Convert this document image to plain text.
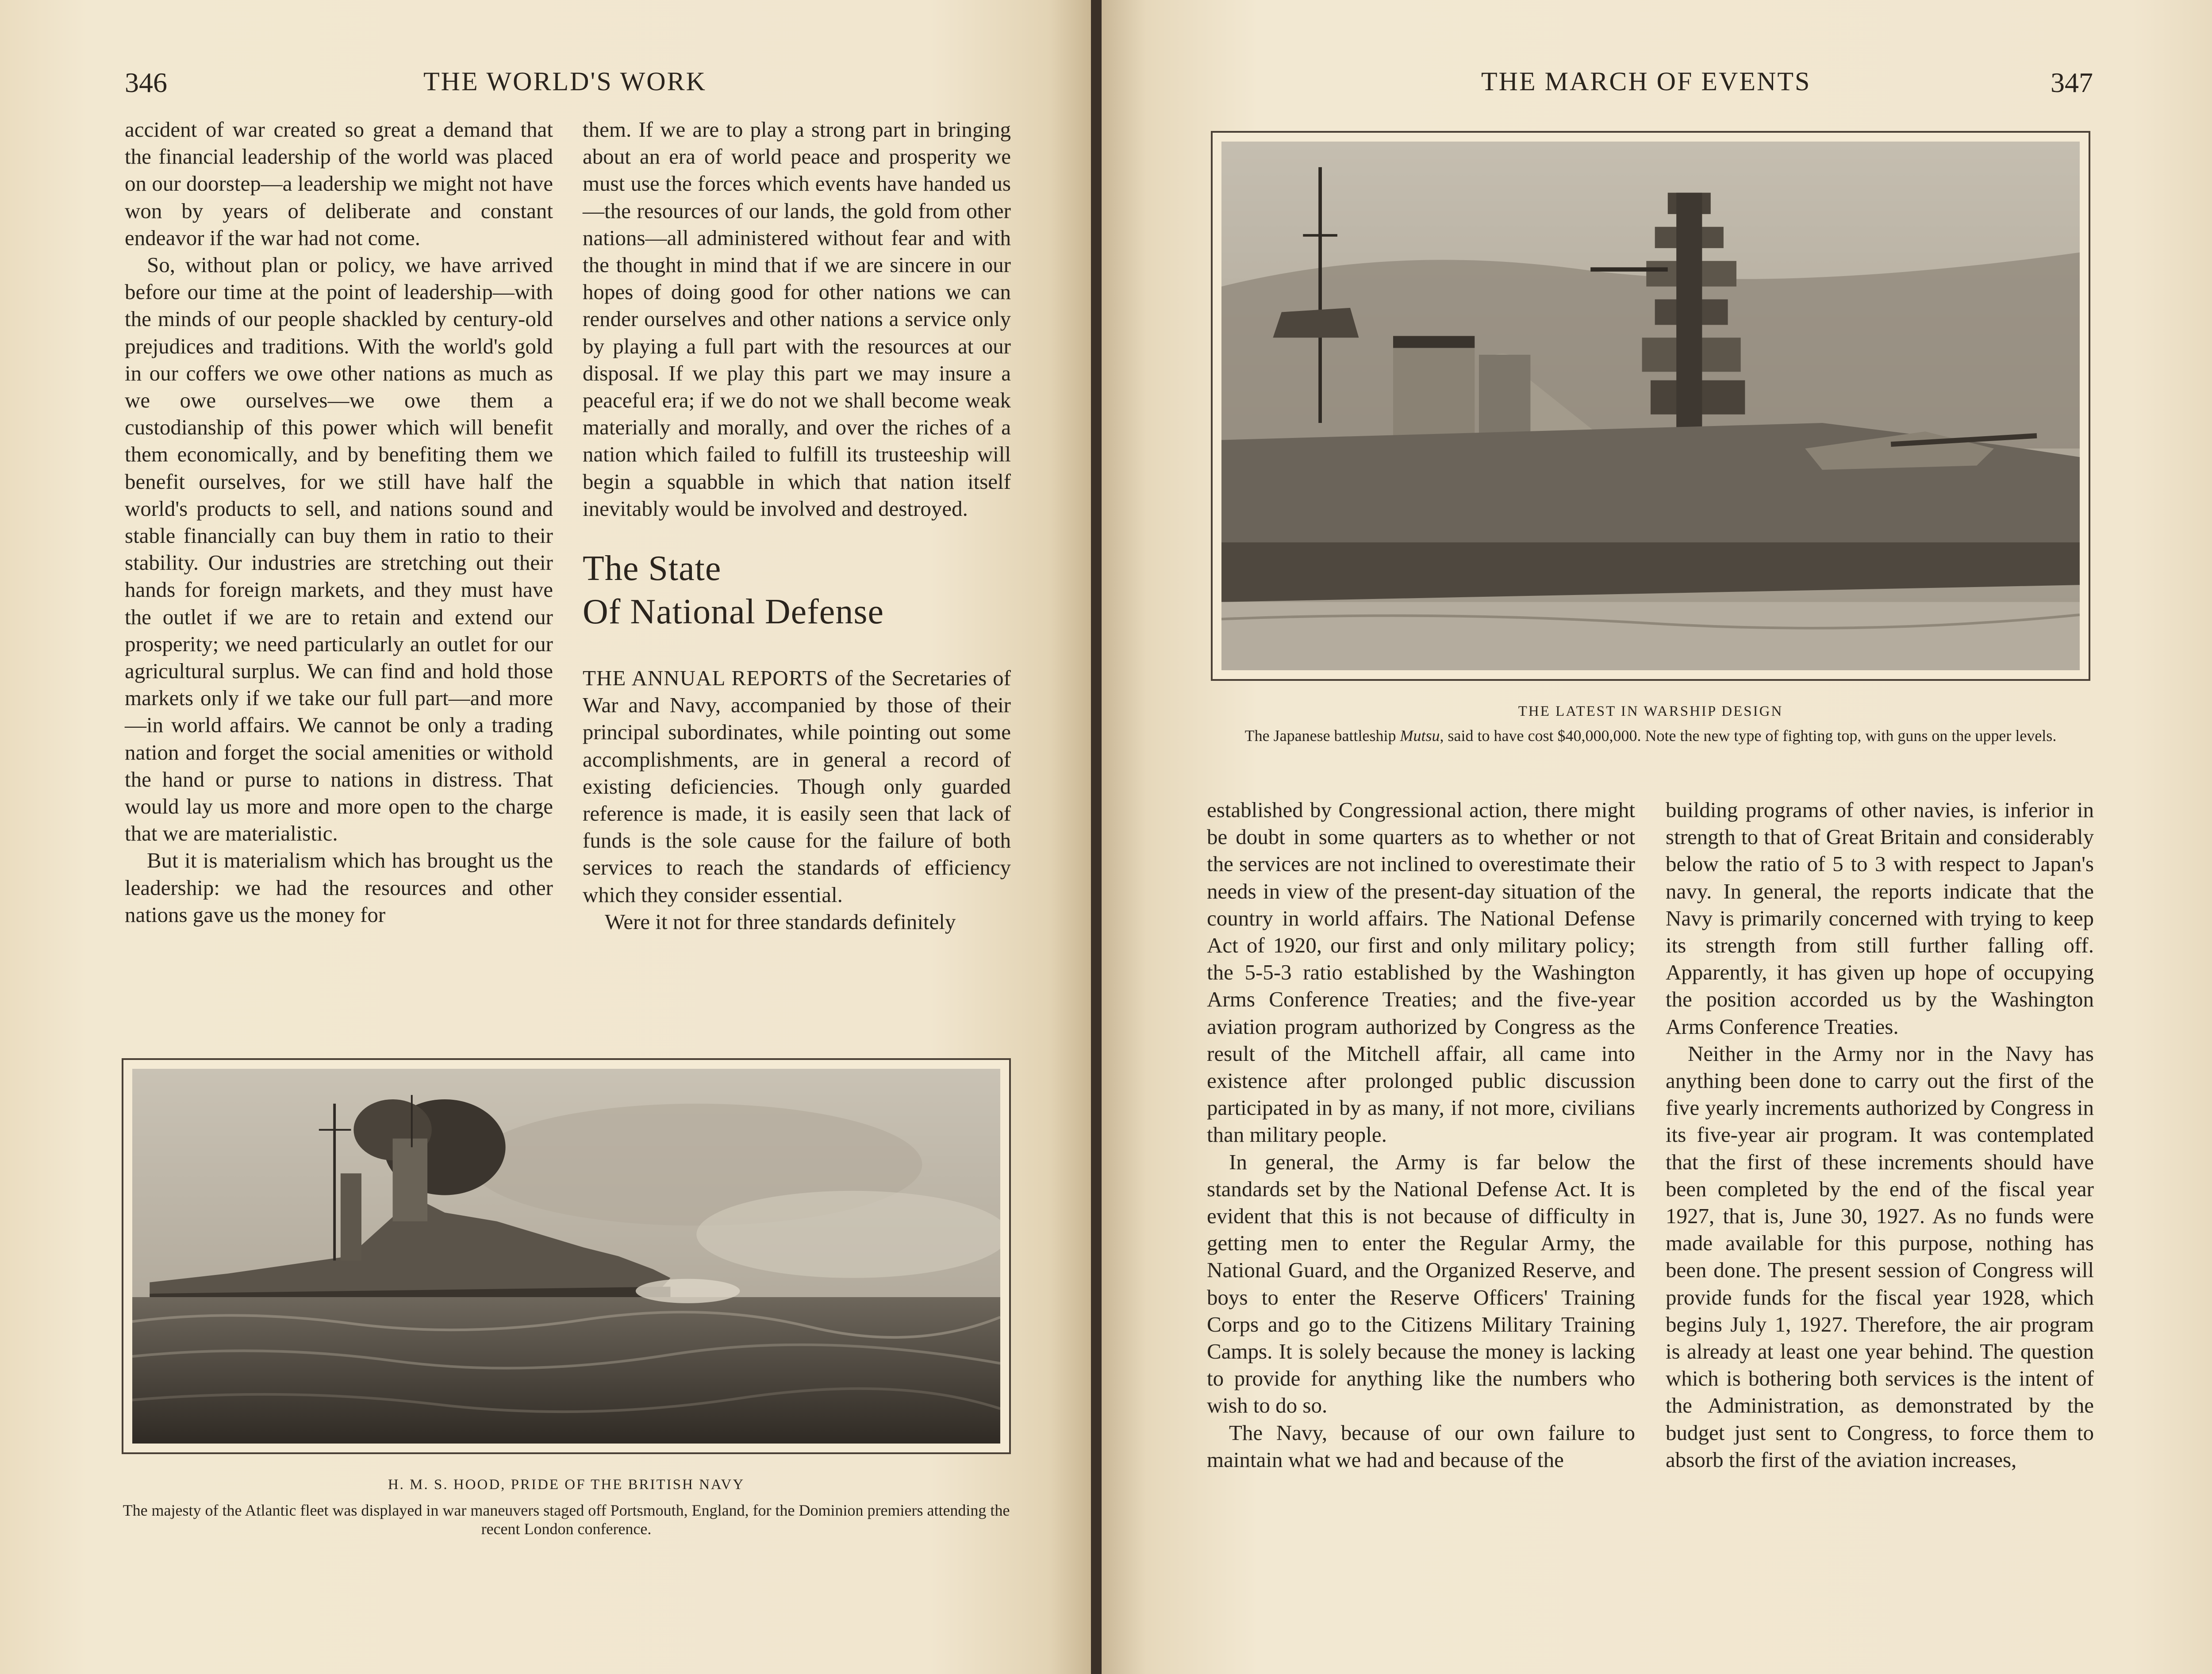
346	THE WORLD'S WORK

accident of war created so great a demand that the financial leadership of the world was placed on our doorstep—a leadership we might not have won by years of deliberate and constant endeavor if the war had not come.

So, without plan or policy, we have arrived before our time at the point of leadership—with the minds of our people shackled by century-old prejudices and traditions. With the world's gold in our coffers we owe other nations as much as we owe ourselves—we owe them a custodianship of this power which will benefit them economically, and by benefiting them we benefit ourselves, for we still have half the world's products to sell, and nations sound and stable financially can buy them in ratio to their stability. Our industries are stretching out their hands for foreign markets, and they must have the outlet if we are to retain and extend our prosperity; we need particularly an outlet for our agricultural surplus. We can find and hold those markets only if we take our full part—and more—in world affairs. We cannot be only a trading nation and forget the social amenities or withold the hand or purse to nations in distress. That would lay us more and more open to the charge that we are materialistic.

But it is materialism which has brought us the leadership: we had the resources and other nations gave us the money for

them. If we are to play a strong part in bringing about an era of world peace and prosperity we must use the forces which events have handed us—the resources of our lands, the gold from other nations—all administered without fear and with the thought in mind that if we are sincere in our hopes of doing good for other nations we can render ourselves and other nations a service only by playing a full part with the resources at our disposal. If we play this part we may insure a peaceful era; if we do not we shall become weak materially and morally, and over the riches of a nation which failed to fulfill its trusteeship will begin a squabble in which that nation itself inevitably would be involved and destroyed.

The State
Of National Defense

THE ANNUAL REPORTS of the Secretaries of War and Navy, accompanied by those of their principal subordinates, while pointing out some accomplishments, are in general a record of existing deficiencies. Though only guarded reference is made, it is easily seen that lack of funds is the sole cause for the failure of both services to reach the standards of efficiency which they consider essential.

Were it not for three standards definitely

H. M. S. HOOD, PRIDE OF THE BRITISH NAVY
The majesty of the Atlantic fleet was displayed in war maneuvers staged off Portsmouth, England, for the Dominion premiers attending the recent London conference.
THE MARCH OF EVENTS	347
THE LATEST IN WARSHIP DESIGN
The Japanese battleship Mutsu, said to have cost $40,000,000. Note the new type of fighting top, with guns on the upper levels.

established by Congressional action, there might be doubt in some quarters as to whether or not the services are not inclined to overestimate their needs in view of the present-day situation of the country in world affairs. The National Defense Act of 1920, our first and only military policy; the 5-5-3 ratio established by the Washington Arms Conference Treaties; and the five-year aviation program authorized by Congress as the result of the Mitchell affair, all came into existence after prolonged public discussion participated in by as many, if not more, civilians than military people.

In general, the Army is far below the standards set by the National Defense Act. It is evident that this is not because of difficulty in getting men to enter the Regular Army, the National Guard, and the Organized Reserve, and boys to enter the Reserve Officers' Training Corps and go to the Citizens Military Training Camps. It is solely because the money is lacking to provide for anything like the numbers who wish to do so.

The Navy, because of our own failure to maintain what we had and because of the

building programs of other navies, is inferior in strength to that of Great Britain and considerably below the ratio of 5 to 3 with respect to Japan's navy. In general, the reports indicate that the Navy is primarily concerned with trying to keep its strength from still further falling off. Apparently, it has given up hope of occupying the position accorded us by the Washington Arms Conference Treaties.

Neither in the Army nor in the Navy has anything been done to carry out the first of the five yearly increments authorized by Congress in its five-year air program. It was contemplated that the first of these increments should have been completed by the end of the fiscal year 1927, that is, June 30, 1927. As no funds were made available for this purpose, nothing has been done. The present session of Congress will provide funds for the fiscal year 1928, which begins July 1, 1927. Therefore, the air program is already at least one year behind. The question which is bothering both services is the intent of the Administration, as demonstrated by the budget just sent to Congress, to force them to absorb the first of the aviation increases,
